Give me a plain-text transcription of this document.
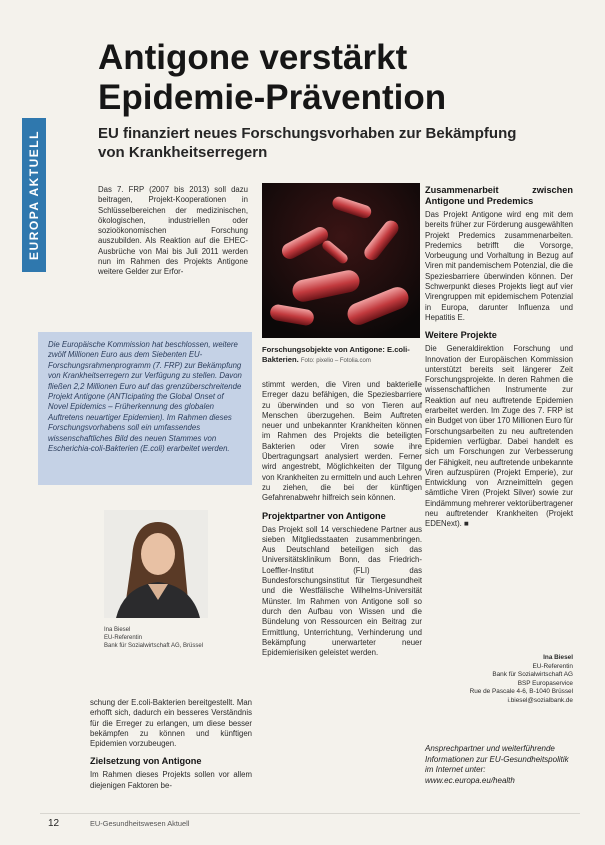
EUROPA AKTUELL
Antigone verstärkt Epidemie-Prävention
EU finanziert neues Forschungsvorhaben zur Bekämpfung von Krankheitserregern

Das 7. FRP (2007 bis 2013) soll dazu beitragen, Projekt-Kooperationen in Schlüsselbereichen der medizinischen, ökologischen, industriellen oder sozioökonomischen Forschung auszubilden. Als Reaktion auf die EHEC-Ausbrüche von Mai bis Juli 2011 werden nun im Rahmen des Projekts Antigone weitere Gelder zur Erfor-

Die Europäische Kommission hat beschlossen, weitere zwölf Millionen Euro aus dem Siebenten EU-Forschungsrahmenprogramm (7. FRP) zur Bekämpfung von Krankheitserregern zur Verfügung zu stellen. Davon fließen 2,2 Millionen Euro auf das grenzüberschreitende Projekt Antigone (ANTIcipating the Global Onset of Novel Epidemics – Früherkennung des globalen Auftretens neuartiger Epidemien). Im Rahmen dieses Forschungsvorhabens soll ein umfassendes wissenschaftliches Bild des neuen Stammes von Escherichia-coli-Bakterien (E.coli) erarbeitet werden.

Ina Biesel
EU-Referentin
Bank für Sozialwirtschaft AG, Brüssel

schung der E.coli-Bakterien bereitgestellt. Man erhofft sich, dadurch ein besseres Verständnis für die Erreger zu erlangen, um diese besser bekämpfen zu können und künftigen Epidemien vorzubeugen.

Zielsetzung von Antigone

Im Rahmen dieses Projekts sollen vor allem diejenigen Faktoren be-

Forschungsobjekte von Antigone: E.coli-Bakterien. Foto: pixelio – Fotolia.com

stimmt werden, die Viren und bakterielle Erreger dazu befähigen, die Speziesbarriere zu überwinden und so von Tieren auf Menschen überzugehen. Beim Auftreten neuer und unbekannter Krankheiten können im Rahmen des Projekts die beteiligten Bakterien oder Viren sowie ihre Übertragungsart analysiert werden. Ferner wird angestrebt, Möglichkeiten der Tilgung von Krankheiten zu ermitteln und auch Lehren zu ziehen, die bei der künftigen Gefahrenabwehr hilfreich sein können.

Projektpartner von Antigone

Das Projekt soll 14 verschiedene Partner aus sieben Mitgliedsstaaten zusammenbringen. Aus Deutschland beteiligen sich das Universitätsklinikum Bonn, das Friedrich-Loeffler-Institut (FLI) das Bundesforschungsinstitut für Tiergesundheit und die Westfälische Wilhelms-Universität Münster. Im Rahmen von Antigone soll so durch den Aufbau von Wissen und die Bündelung von Ressourcen ein Beitrag zur Ermittlung, Unterrichtung, Verhinderung und Bekämpfung unerwarteter neuer Epidemierisiken geleistet werden.

Zusammenarbeit zwischen Antigone und Predemics

Das Projekt Antigone wird eng mit dem bereits früher zur Förderung ausgewählten Projekt Predemics zusammenarbeiten. Predemics betrifft die Vorsorge, Vorbeugung und Vorhaltung in Bezug auf Viren mit pandemischem Potenzial, die die Speziesbarriere überwinden können. Der Schwerpunkt dieses Projekts liegt auf vier Virengruppen mit epidemischem Potenzial in Europa, darunter Influenza und Hepatitis E.

Weitere Projekte

Die Generaldirektion Forschung und Innovation der Europäischen Kommission unterstützt bereits seit längerer Zeit Forschungsprojekte. In deren Rahmen die wissenschaftlichen Instrumente zur Reaktion auf neu auftretende Epidemien erarbeitet werden. Im Zuge des 7. FRP ist ein Budget von über 170 Millionen Euro für Forschungsarbeiten zu neu auftretenden Epidemien verfügbar. Dabei handelt es sich um Forschungen zur Verbesserung der Fähigkeit, neu auftretende unbekannte Viren aufzuspüren (Projekt Emperie), zur Entwicklung von Arzneimitteln gegen sämtliche Viren (Projekt Silver) sowie zur Eindämmung mehrerer vektorübertragener neu auftretender Krankheiten (Projekt EDENext). ■

Ina Biesel
EU-Referentin
Bank für Sozialwirtschaft AG
BSP Europaservice
Rue de Pascale 4-6, B-1040 Brüssel
i.biesel@sozialbank.de
Ansprechpartner und weiterführende Informationen zur EU-Gesundheitspolitik im Internet unter:
www.ec.europa.eu/health
12	EU-Gesundheitswesen Aktuell
